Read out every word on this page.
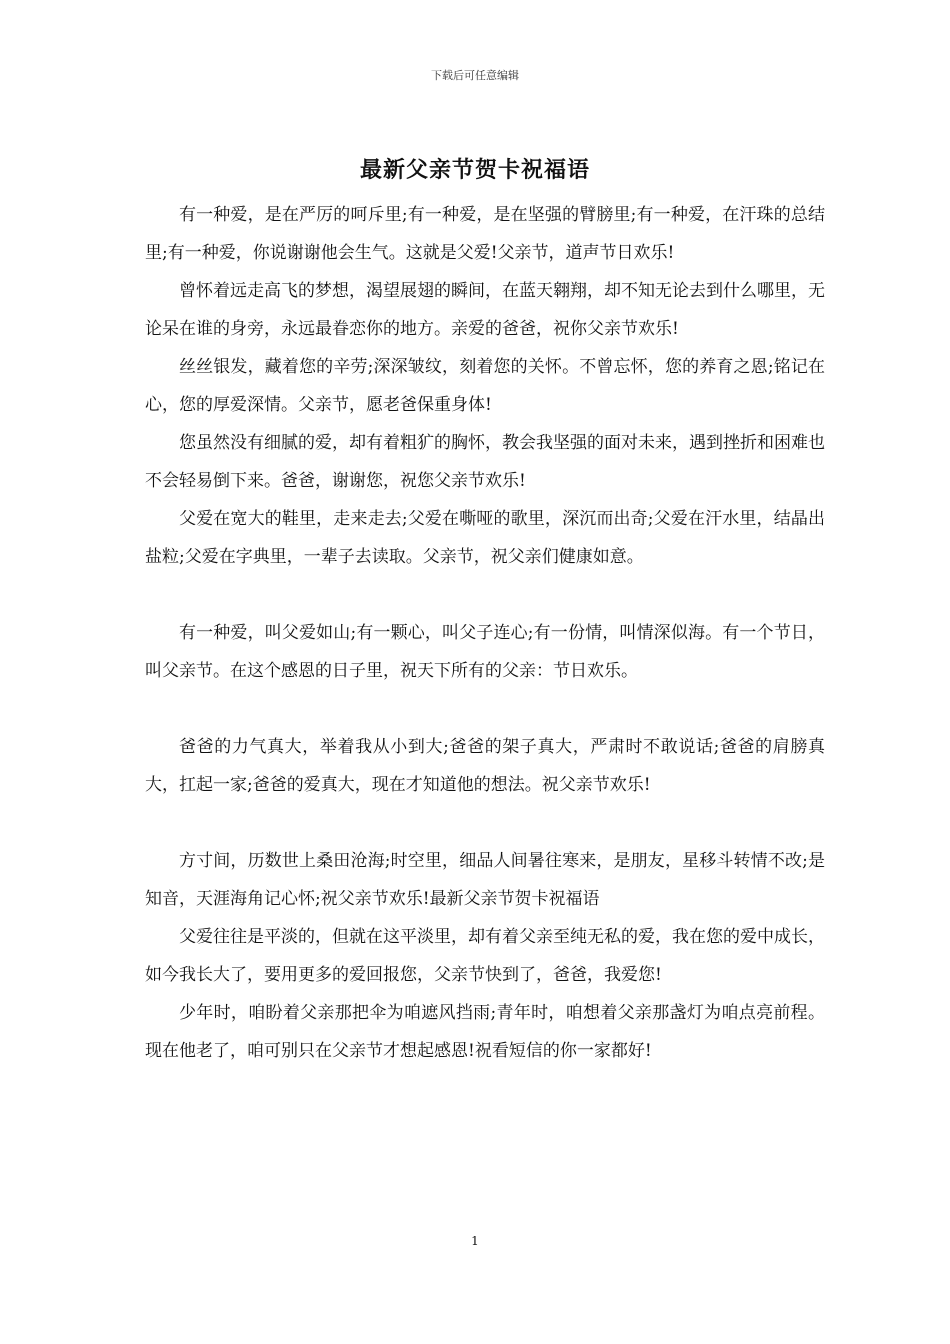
下载后可任意编辑
最新父亲节贺卡祝福语

有一种爱，是在严厉的呵斥里;有一种爱，是在坚强的臂膀里;有一种爱，在汗珠的总结里;有一种爱，你说谢谢他会生气。这就是父爱!父亲节，道声节日欢乐!

曾怀着远走高飞的梦想，渴望展翅的瞬间，在蓝天翱翔，却不知无论去到什么哪里，无论呆在谁的身旁，永远最眷恋你的地方。亲爱的爸爸，祝你父亲节欢乐!

丝丝银发，藏着您的辛劳;深深皱纹，刻着您的关怀。不曾忘怀，您的养育之恩;铭记在心，您的厚爱深情。父亲节，愿老爸保重身体!

您虽然没有细腻的爱，却有着粗犷的胸怀，教会我坚强的面对未来，遇到挫折和困难也不会轻易倒下来。爸爸，谢谢您，祝您父亲节欢乐!

父爱在宽大的鞋里，走来走去;父爱在嘶哑的歌里，深沉而出奇;父爱在汗水里，结晶出盐粒;父爱在字典里，一辈子去读取。父亲节，祝父亲们健康如意。

有一种爱，叫父爱如山;有一颗心，叫父子连心;有一份情，叫情深似海。有一个节日，叫父亲节。在这个感恩的日子里，祝天下所有的父亲：节日欢乐。

爸爸的力气真大，举着我从小到大;爸爸的架子真大，严肃时不敢说话;爸爸的肩膀真大，扛起一家;爸爸的爱真大，现在才知道他的想法。祝父亲节欢乐!

方寸间，历数世上桑田沧海;时空里，细品人间暑往寒来，是朋友，星移斗转情不改;是知音，天涯海角记心怀;祝父亲节欢乐!最新父亲节贺卡祝福语

父爱往往是平淡的，但就在这平淡里，却有着父亲至纯无私的爱，我在您的爱中成长，如今我长大了，要用更多的爱回报您，父亲节快到了，爸爸，我爱您!

少年时，咱盼着父亲那把伞为咱遮风挡雨;青年时，咱想着父亲那盏灯为咱点亮前程。现在他老了，咱可别只在父亲节才想起感恩!祝看短信的你一家都好!

1
